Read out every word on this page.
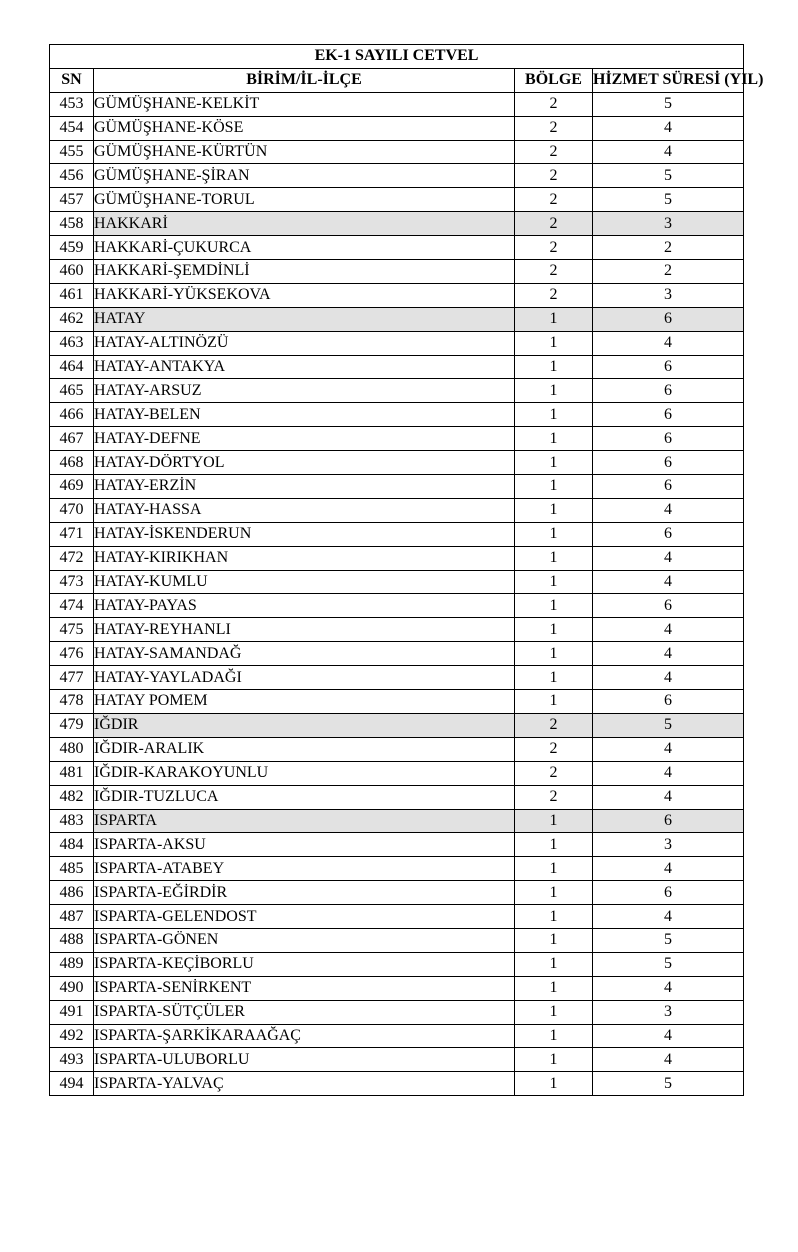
EK-1 SAYILI CETVEL			
SN	BİRİM/İL-İLÇE	BÖLGE	HİZMET SÜRESİ (YIL)
453	GÜMÜŞHANE-KELKİT	2	5
454	GÜMÜŞHANE-KÖSE	2	4
455	GÜMÜŞHANE-KÜRTÜN	2	4
456	GÜMÜŞHANE-ŞİRAN	2	5
457	GÜMÜŞHANE-TORUL	2	5
458	HAKKARİ	2	3
459	HAKKARİ-ÇUKURCA	2	2
460	HAKKARİ-ŞEMDİNLİ	2	2
461	HAKKARİ-YÜKSEKOVA	2	3
462	HATAY	1	6
463	HATAY-ALTINÖZÜ	1	4
464	HATAY-ANTAKYA	1	6
465	HATAY-ARSUZ	1	6
466	HATAY-BELEN	1	6
467	HATAY-DEFNE	1	6
468	HATAY-DÖRTYOL	1	6
469	HATAY-ERZİN	1	6
470	HATAY-HASSA	1	4
471	HATAY-İSKENDERUN	1	6
472	HATAY-KIRIKHAN	1	4
473	HATAY-KUMLU	1	4
474	HATAY-PAYAS	1	6
475	HATAY-REYHANLI	1	4
476	HATAY-SAMANDAĞ	1	4
477	HATAY-YAYLADAĞI	1	4
478	HATAY POMEM	1	6
479	IĞDIR	2	5
480	IĞDIR-ARALIK	2	4
481	IĞDIR-KARAKOYUNLU	2	4
482	IĞDIR-TUZLUCA	2	4
483	ISPARTA	1	6
484	ISPARTA-AKSU	1	3
485	ISPARTA-ATABEY	1	4
486	ISPARTA-EĞİRDİR	1	6
487	ISPARTA-GELENDOST	1	4
488	ISPARTA-GÖNEN	1	5
489	ISPARTA-KEÇİBORLU	1	5
490	ISPARTA-SENİRKENT	1	4
491	ISPARTA-SÜTÇÜLER	1	3
492	ISPARTA-ŞARKİKARAAĞAÇ	1	4
493	ISPARTA-ULUBORLU	1	4
494	ISPARTA-YALVAÇ	1	5
